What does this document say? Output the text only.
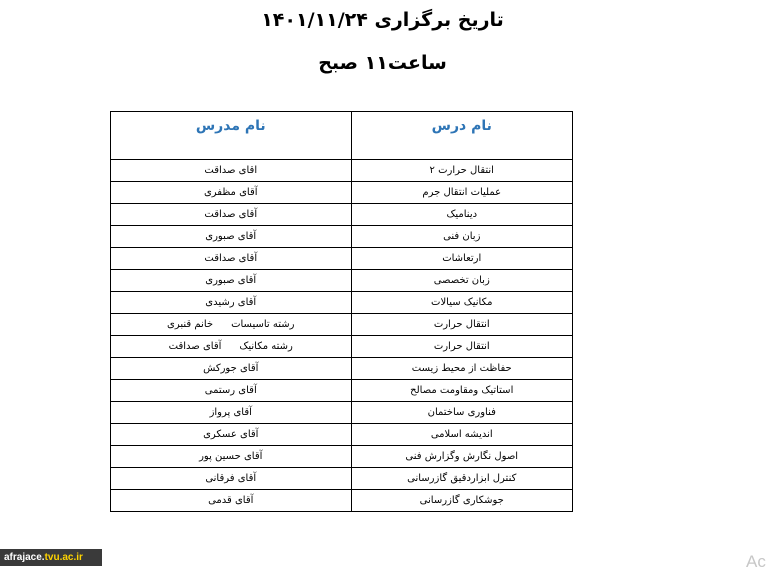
تاریخ برگزاری ۱۴۰۱/۱۱/۲۴
ساعت۱۱ صبح
نام درس	نام مدرس
انتقال حرارت ۲	اقای صداقت
عملیات انتقال جرم	آقای مظفری
دینامیک	آقای صداقت
زبان فنی	آقای صبوری
ارتعاشات	آقای صداقت
زبان تخصصی	آقای صبوری
مکانیک سیالات	آقای رشیدی
انتقال حرارت	رشته تاسیساتخانم قنبری
انتقال حرارت	رشته مکانیکآقای صداقت
حفاظت از محیط زیست	آقای جورکش
استاتیک ومقاومت مصالح	آقای رستمی
فناوری ساختمان	آقای پرواز
اندیشه اسلامی	آقای عسکری
اصول نگارش وگزارش فنی	آقای حسین پور
کنترل ابزاردقیق گازرسانی	آقای فرقانی
جوشکاری گازرسانی	آقای قدمی
afrajace.tvu.ac.ir	Ac
